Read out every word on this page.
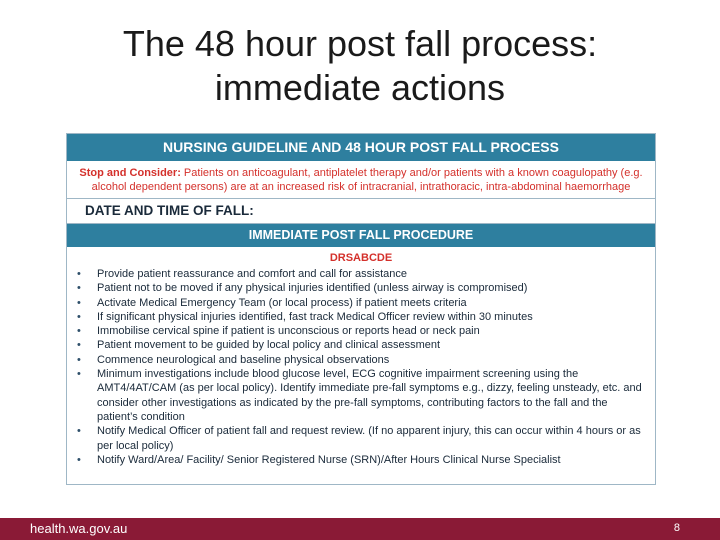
The 48 hour post fall process:
immediate actions
NURSING GUIDELINE AND 48 HOUR POST FALL PROCESS
Stop and Consider: Patients on anticoagulant, antiplatelet therapy and/or patients with a known coagulopathy (e.g. alcohol dependent persons) are at an increased risk of intracranial, intrathoracic, intra-abdominal haemorrhage
DATE AND TIME OF FALL:
IMMEDIATE POST FALL PROCEDURE
DRSABCDE
• Provide patient reassurance and comfort and call for assistance
• Patient not to be moved if any physical injuries identified (unless airway is compromised)
• Activate Medical Emergency Team (or local process) if patient meets criteria
• If significant physical injuries identified, fast track Medical Officer review within 30 minutes
• Immobilise cervical spine if patient is unconscious or reports head or neck pain
• Patient movement to be guided by local policy and clinical assessment
• Commence neurological and baseline physical observations
• Minimum investigations include blood glucose level, ECG cognitive impairment screening using the AMT4/4AT/CAM (as per local policy). Identify immediate pre-fall symptoms e.g., dizzy, feeling unsteady, etc. and consider other investigations as indicated by the pre-fall symptoms, contributing factors to the fall and the patient’s condition
• Notify Medical Officer of patient fall and request review. (If no apparent injury, this can occur within 4 hours or as per local policy)
• Notify Ward/Area/ Facility/ Senior Registered Nurse (SRN)/After Hours Clinical Nurse Specialist
health.wa.gov.au	8
